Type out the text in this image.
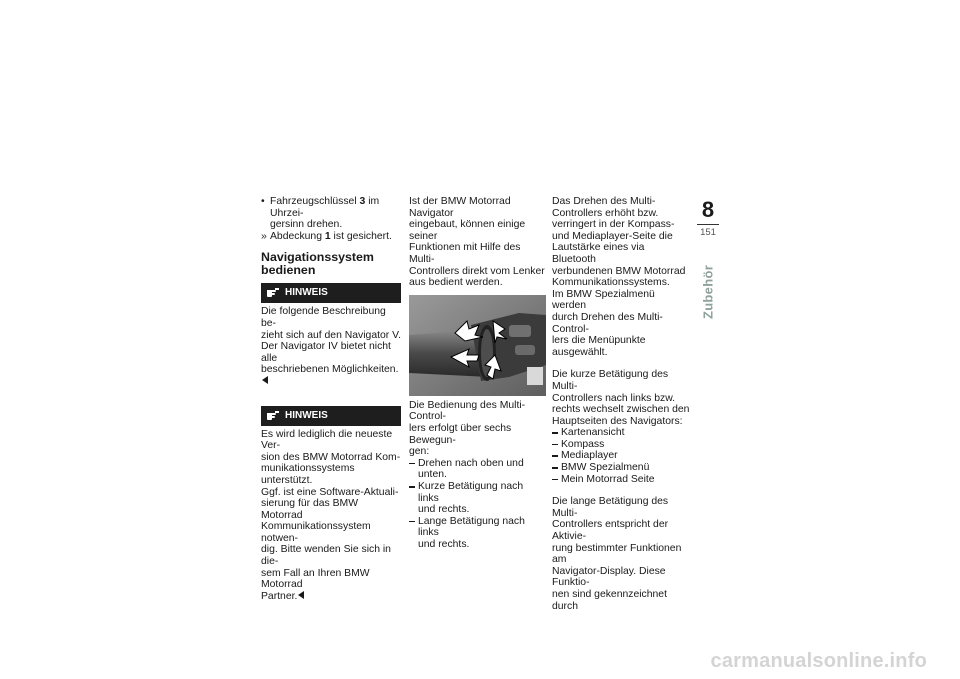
• Fahrzeugschlüssel 3 im Uhrzei-
gersinn drehen.
» Abdeckung 1 ist gesichert.
Navigationssystem
bedienen
HINWEIS

Die folgende Beschreibung be-
zieht sich auf den Navigator V.
Der Navigator IV bietet nicht alle
beschriebenen Möglichkeiten.

HINWEIS

Es wird lediglich die neueste Ver-
sion des BMW Motorrad Kom-
munikationssystems unterstützt.
Ggf. ist eine Software-Aktuali-
sierung für das BMW Motorrad
Kommunikationssystem notwen-
dig. Bitte wenden Sie sich in die-
sem Fall an Ihren BMW Motorrad
Partner.

Ist der BMW Motorrad Navigator
eingebaut, können einige seiner
Funktionen mit Hilfe des Multi-
Controllers direkt vom Lenker
aus bedient werden.

Die Bedienung des Multi-Control-
lers erfolgt über sechs Bewegun-
gen:

Drehen nach oben und unten.
Kurze Betätigung nach links
und rechts.
Lange Betätigung nach links
und rechts.

Das Drehen des Multi-
Controllers erhöht bzw.
verringert in der Kompass-
und Mediaplayer-Seite die
Lautstärke eines via Bluetooth
verbundenen BMW Motorrad
Kommunikationssystems.
Im BMW Spezialmenü werden
durch Drehen des Multi-Control-
lers die Menüpunkte ausgewählt.

Die kurze Betätigung des Multi-
Controllers nach links bzw.
rechts wechselt zwischen den
Hauptseiten des Navigators:

Kartenansicht
Kompass
Mediaplayer
BMW Spezialmenü
Mein Motorrad Seite

Die lange Betätigung des Multi-
Controllers entspricht der Aktivie-
rung bestimmter Funktionen am
Navigator-Display. Diese Funktio-
nen sind gekennzeichnet durch

8
151
Zubehör
carmanualsonline.info
